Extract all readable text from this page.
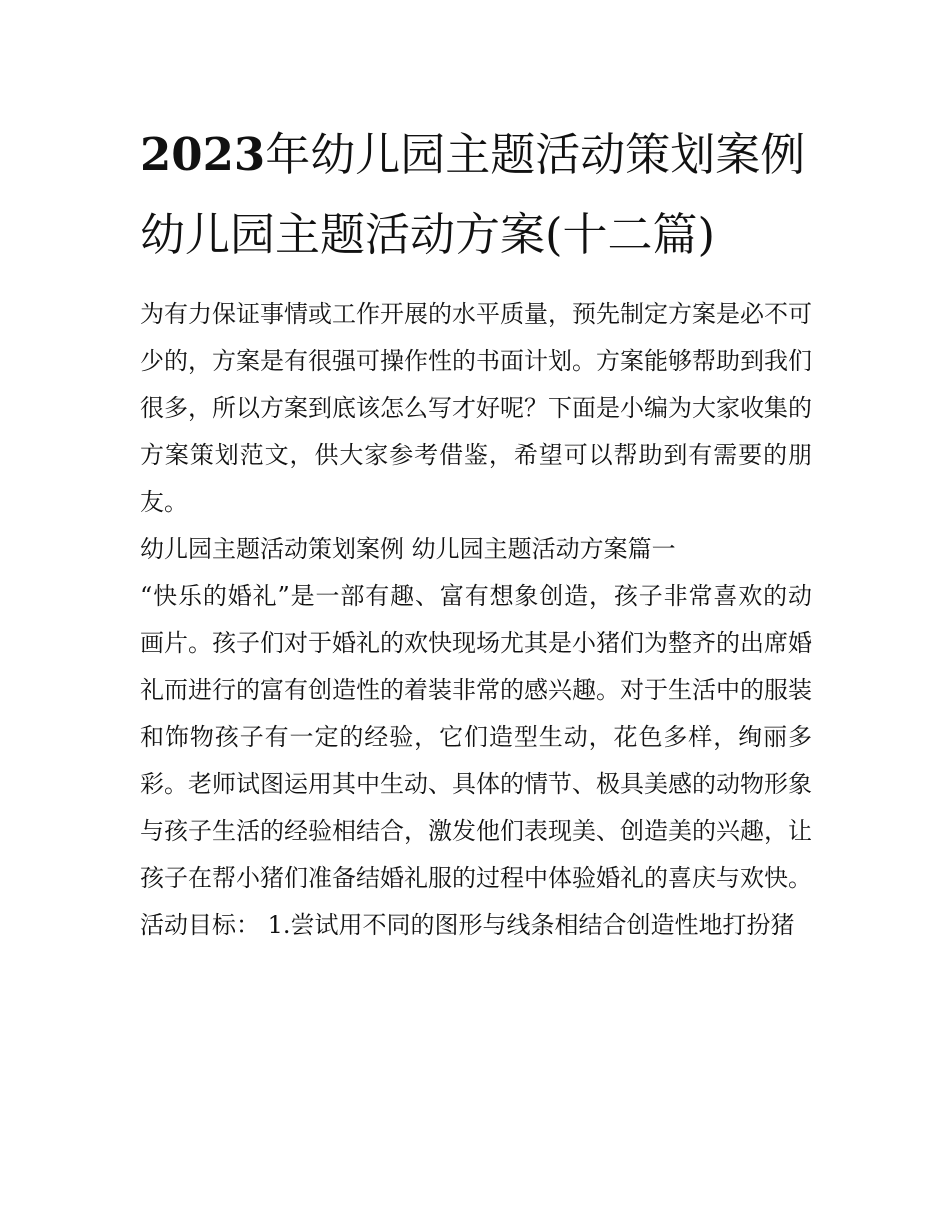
2023年幼儿园主题活动策划案例 幼儿园主题活动方案(十二篇)

为有力保证事情或工作开展的水平质量，预先制定方案是必不可少的，方案是有很强可操作性的书面计划。方案能够帮助到我们很多，所以方案到底该怎么写才好呢？下面是小编为大家收集的方案策划范文，供大家参考借鉴，希望可以帮助到有需要的朋友。

幼儿园主题活动策划案例 幼儿园主题活动方案篇一

“快乐的婚礼”是一部有趣、富有想象创造，孩子非常喜欢的动画片。孩子们对于婚礼的欢快现场尤其是小猪们为整齐的出席婚礼而进行的富有创造性的着装非常的感兴趣。对于生活中的服装和饰物孩子有一定的经验，它们造型生动，花色多样，绚丽多彩。老师试图运用其中生动、具体的情节、极具美感的动物形象与孩子生活的经验相结合，激发他们表现美、创造美的兴趣，让孩子在帮小猪们准备结婚礼服的过程中体验婚礼的喜庆与欢快。

活动目标： 1.尝试用不同的图形与线条相结合创造性地打扮猪
